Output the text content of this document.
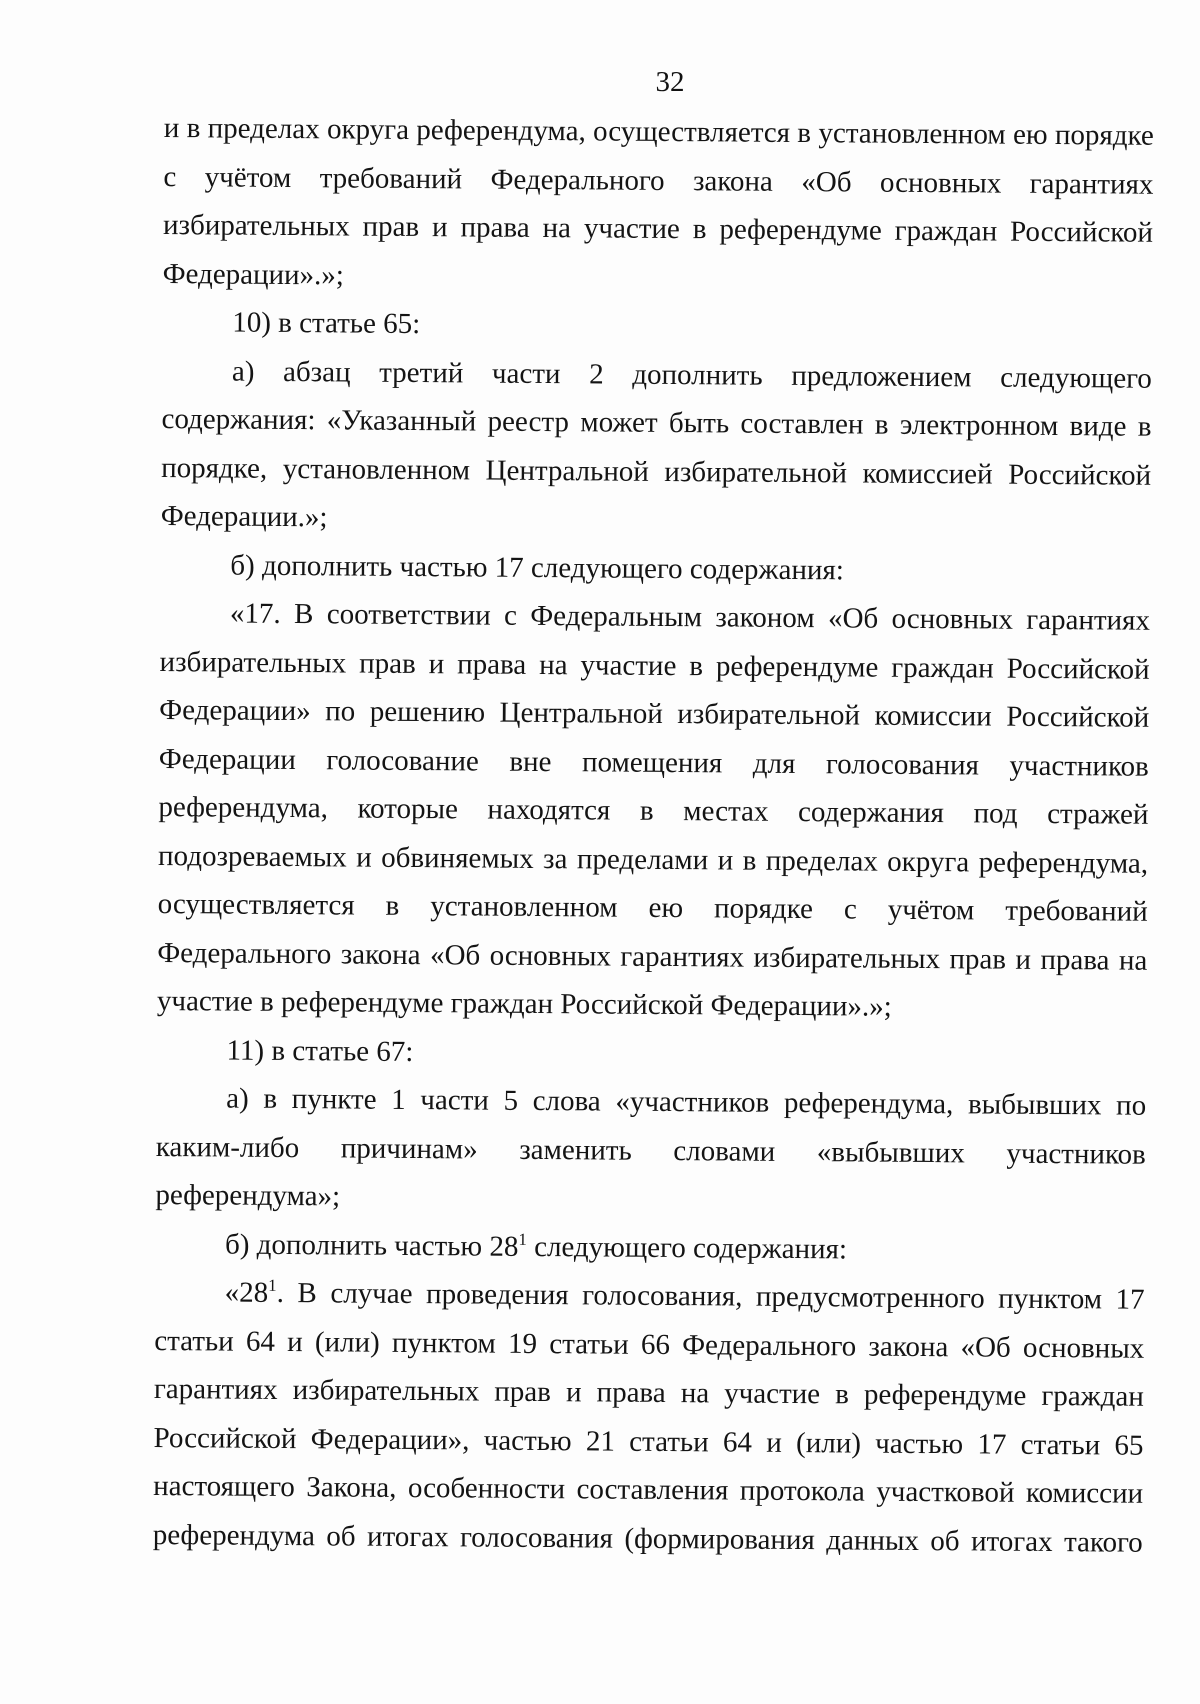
32

и в пределах округа референдума, осуществляется в установленном ею порядке с учётом требований Федерального закона «Об основных гарантиях избирательных прав и права на участие в референдуме граждан Российской Федерации».»;

10) в статье 65:

а) абзац третий части 2 дополнить предложением следующего содержания: «Указанный реестр может быть составлен в электронном виде в порядке, установленном Центральной избирательной комиссией Российской Федерации.»;

б) дополнить частью 17 следующего содержания:

«17. В соответствии с Федеральным законом «Об основных гарантиях избирательных прав и права на участие в референдуме граждан Российской Федерации» по решению Центральной избирательной комиссии Российской Федерации голосование вне помещения для голосования участников референдума, которые находятся в местах содержания под стражей подозреваемых и обвиняемых за пределами и в пределах округа референдума, осуществляется в установленном ею порядке с учётом требований Федерального закона «Об основных гарантиях избирательных прав и права на участие в референдуме граждан Российской Федерации».»;

11) в статье 67:

а) в пункте 1 части 5 слова «участников референдума, выбывших по каким-либо причинам» заменить словами «выбывших участников референдума»;

б) дополнить частью $28^1$ следующего содержания:

«$28^1$. В случае проведения голосования, предусмотренного пунктом 17 статьи 64 и (или) пунктом 19 статьи 66 Федерального закона «Об основных гарантиях избирательных прав и права на участие в референдуме граждан Российской Федерации», частью 21 статьи 64 и (или) частью 17 статьи 65 настоящего Закона, особенности составления протокола участковой комиссии референдума об итогах голосования (формирования данных об итогах такого
